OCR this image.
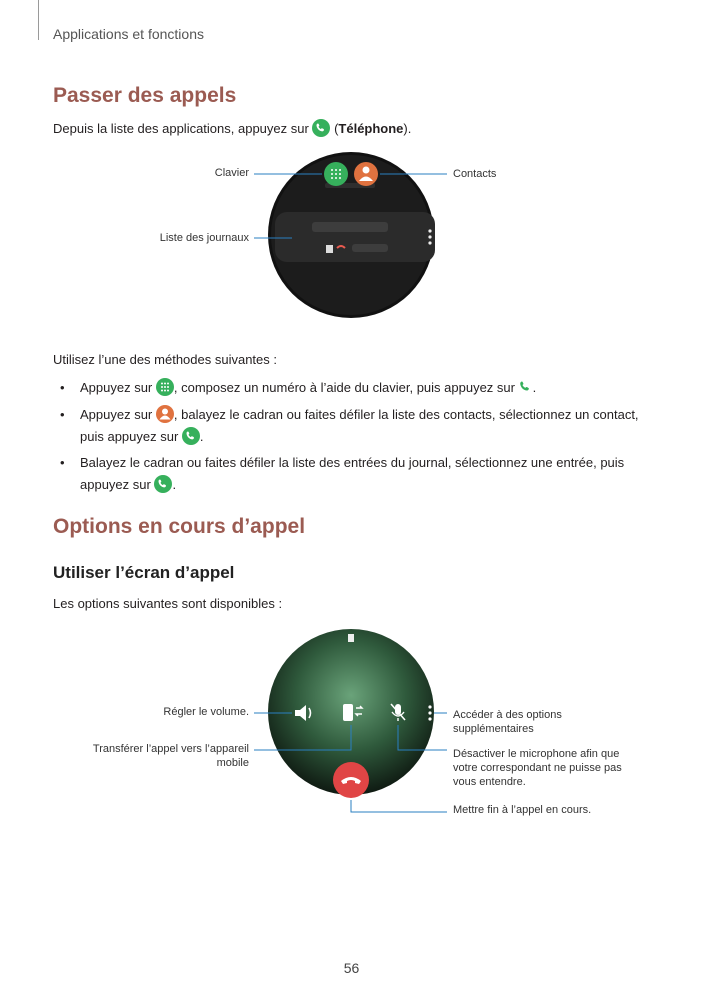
Applications et fonctions
Passer des appels
Depuis la liste des applications, appuyez sur (Téléphone).
Clavier	Contacts
Liste des journaux
Utilisez l’une des méthodes suivantes :
• Appuyez sur , composez un numéro à l’aide du clavier, puis appuyez sur .
• Appuyez sur , balayez le cadran ou faites défiler la liste des contacts, sélectionnez un contact,
puis appuyez sur .
• Balayez le cadran ou faites défiler la liste des entrées du journal, sélectionnez une entrée, puis
appuyez sur .
Options en cours d’appel
Utiliser l’écran d’appel
Les options suivantes sont disponibles :
Régler le volume.
Transférer l’appel vers l’appareil
mobile
Accéder à des options
supplémentaires
Désactiver le microphone afin que
votre correspondant ne puisse pas
vous entendre.
Mettre fin à l’appel en cours.
56
